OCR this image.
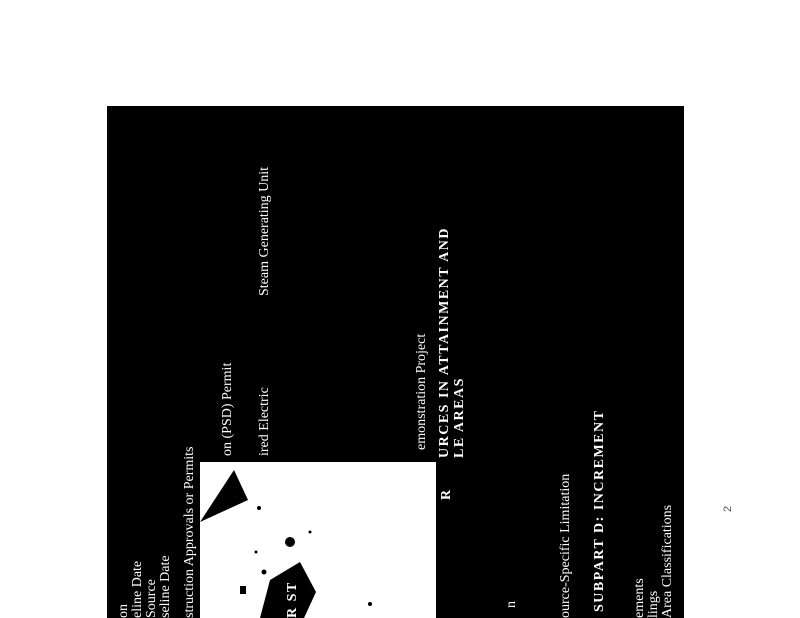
on eline Date Source seline Date struction Approvals or Permits
on (PSD) Permit ired Electric
Steam Generating Unit
emonstration Project URCES IN ATTAINMENT AND LE AREAS
R
n	ource-Specific Limitation SUBPART D: INCREMENT ements lings Area Classifications
R ST
2
